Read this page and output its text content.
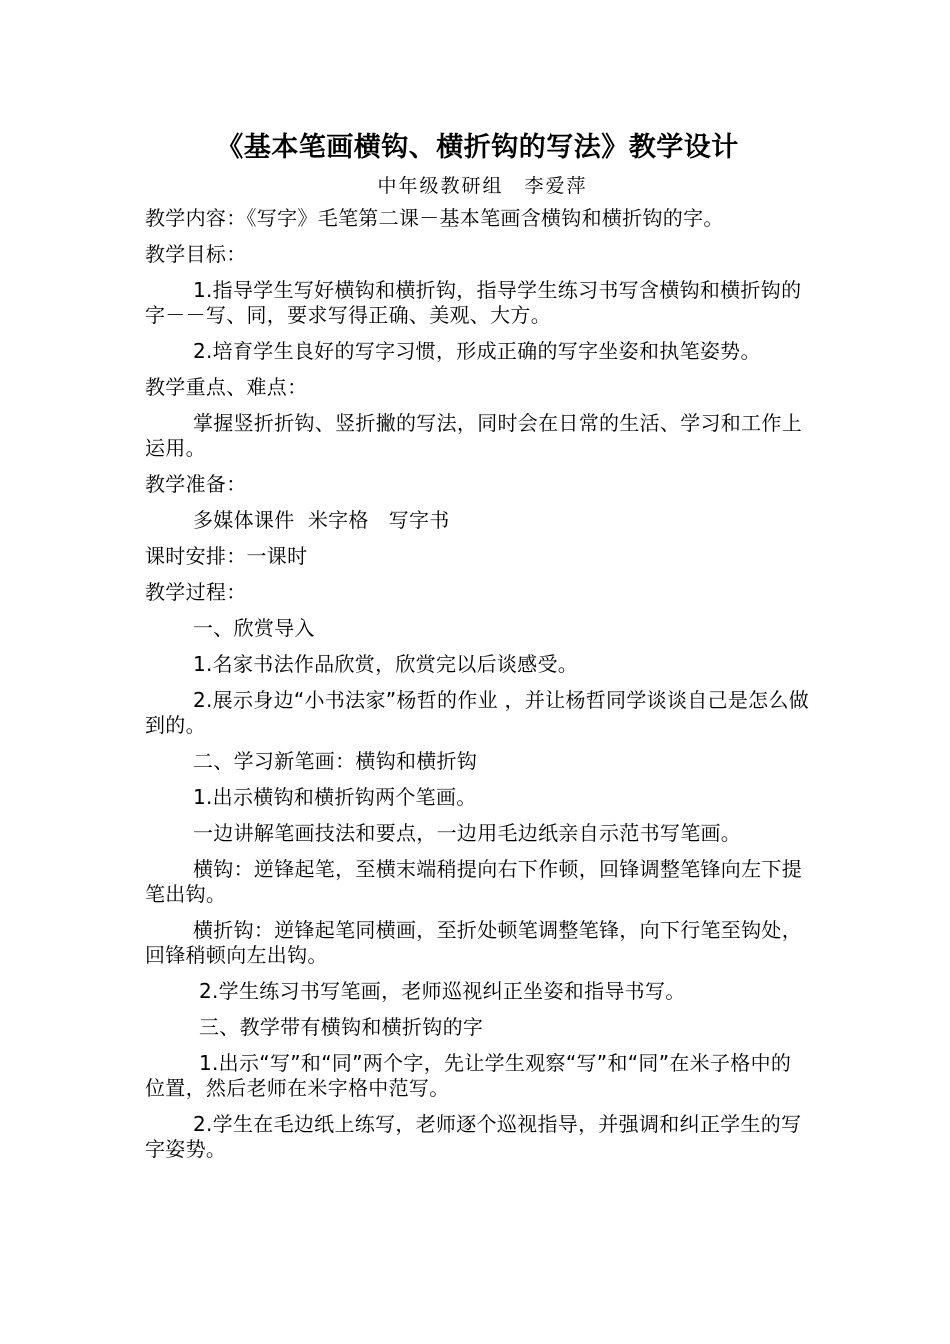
《基本笔画横钩、横折钩的写法》教学设计
中年级教研组　李爱萍
教学内容：《写字》毛笔第二课－基本笔画含横钩和横折钩的字。
教学目标：
1.指导学生写好横钩和横折钩，指导学生练习书写含横钩和横折钩的字－－写、同，要求写得正确、美观、大方。
2.培育学生良好的写字习惯，形成正确的写字坐姿和执笔姿势。
教学重点、难点：
掌握竖折折钩、竖折撇的写法，同时会在日常的生活、学习和工作上运用。
教学准备：
多媒体课件  米字格   写字书
课时安排：一课时
教学过程：
一、欣赏导入
1.名家书法作品欣赏，欣赏完以后谈感受。
2.展示身边“小书法家”杨哲的作业 ，并让杨哲同学谈谈自己是怎么做到的。
二、学习新笔画：横钩和横折钩
1.出示横钩和横折钩两个笔画。
一边讲解笔画技法和要点，一边用毛边纸亲自示范书写笔画。
横钩：逆锋起笔，至横末端稍提向右下作顿，回锋调整笔锋向左下提笔出钩。
横折钩：逆锋起笔同横画，至折处顿笔调整笔锋，向下行笔至钩处，回锋稍顿向左出钩。
2.学生练习书写笔画，老师巡视纠正坐姿和指导书写。
三、教学带有横钩和横折钩的字
1.出示“写”和“同”两个字，先让学生观察“写”和“同”在米子格中的位置，然后老师在米字格中范写。
2.学生在毛边纸上练写，老师逐个巡视指导，并强调和纠正学生的写字姿势。
